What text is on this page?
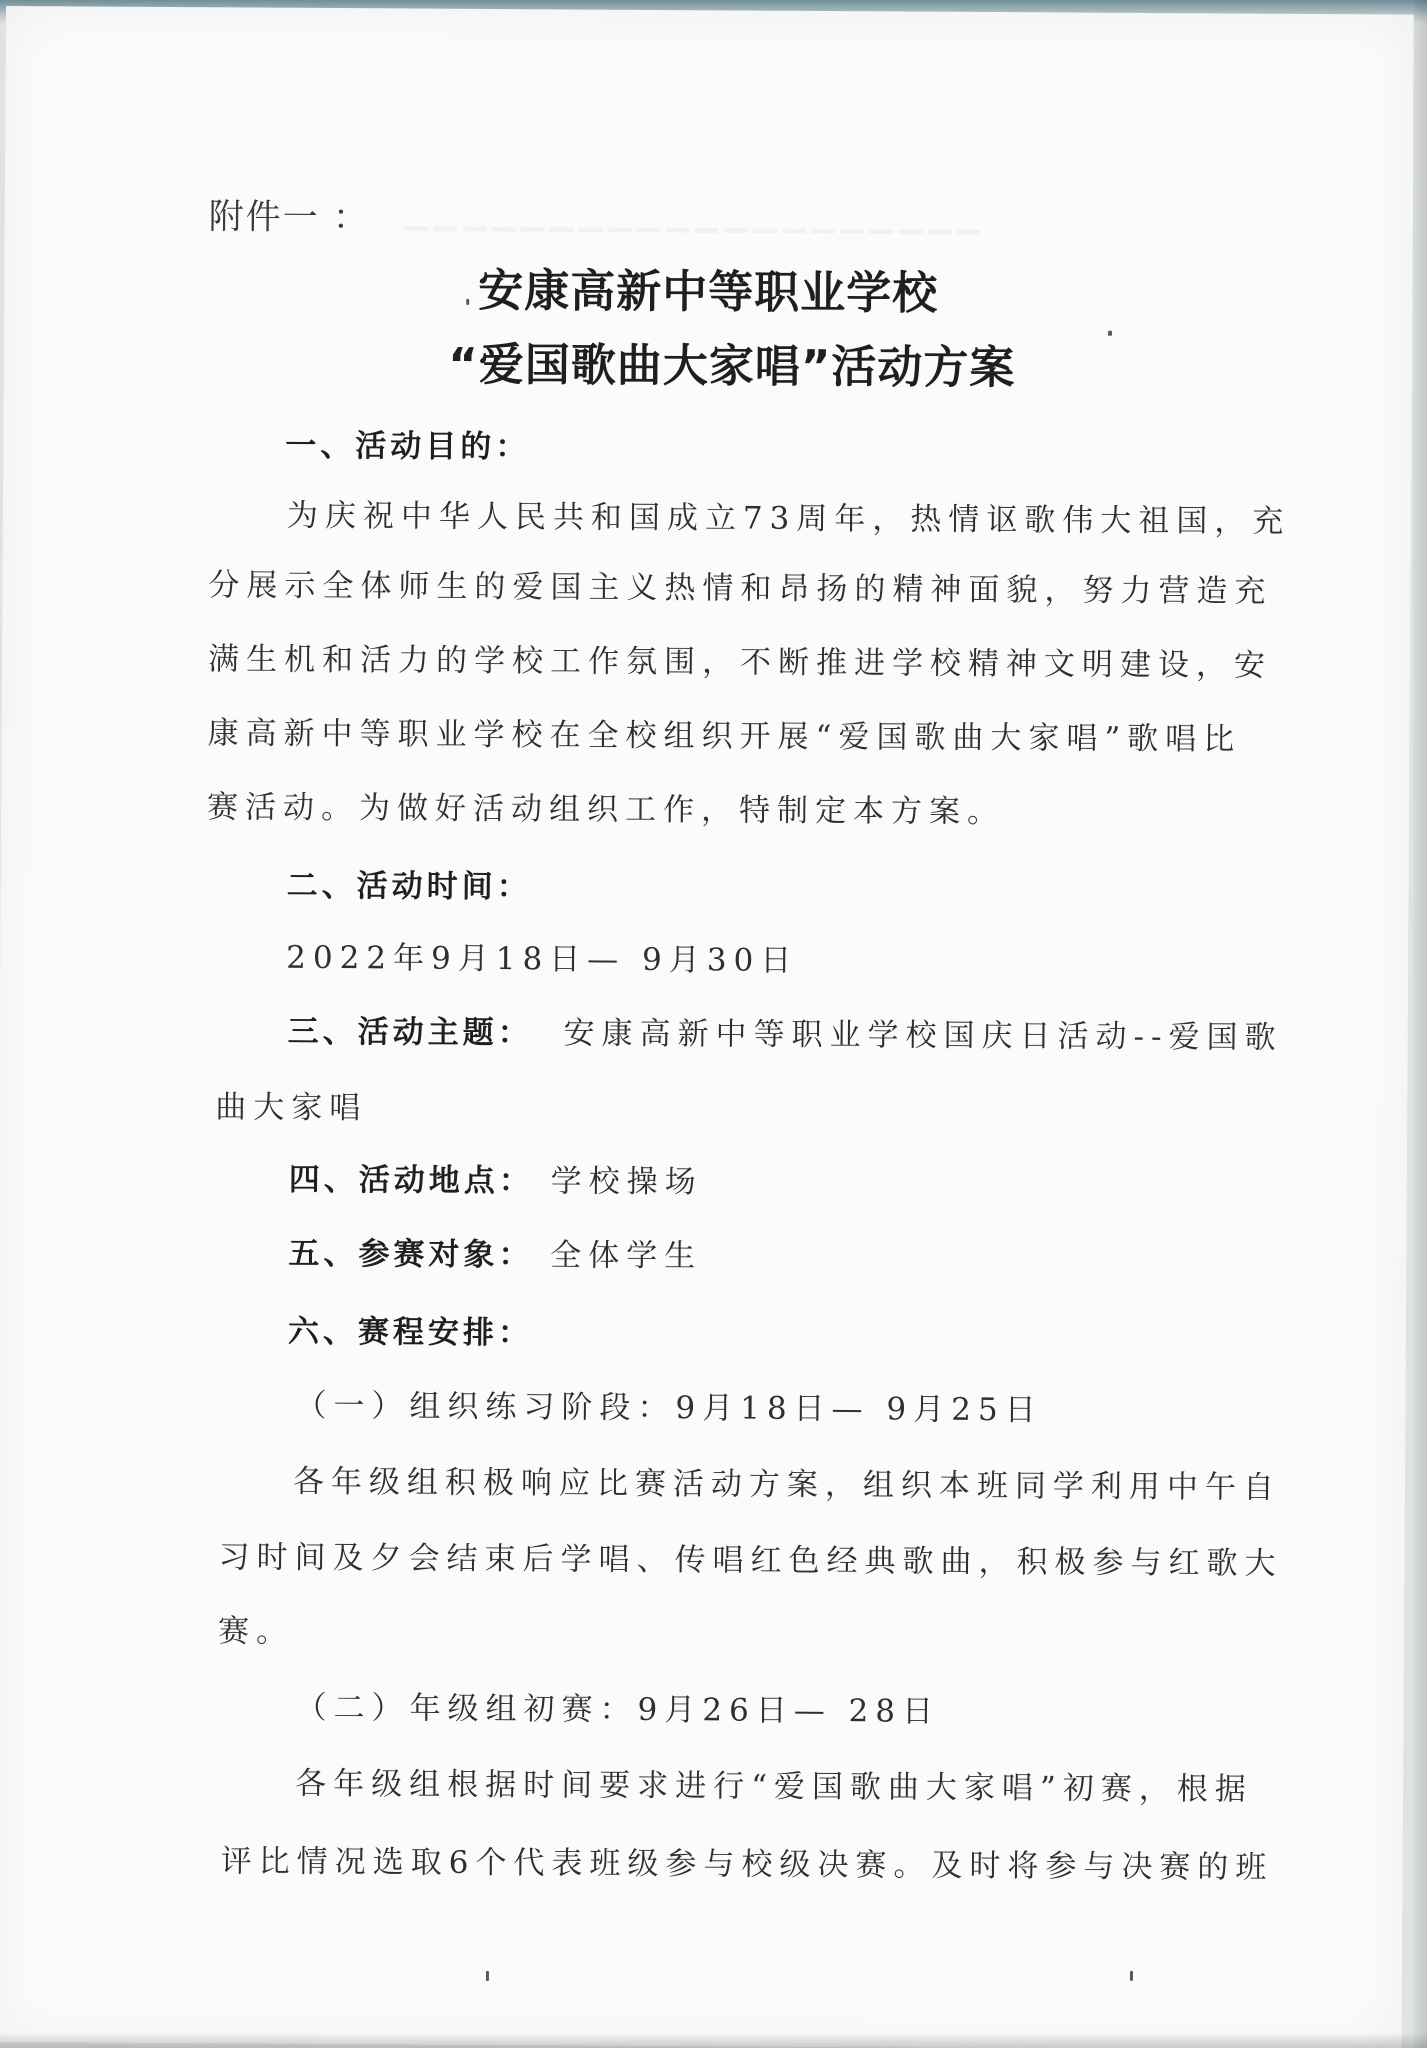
▁▁▁▁▁▁▁▁▁▁▁▁▁▁▁▁▁▁▁▁
附件一 ：
安康高新中等职业学校
“爱国歌曲大家唱”活动方案
一、活动目的：
为庆祝中华人民共和国成立73周年，热情讴歌伟大祖国，充
分展示全体师生的爱国主义热情和昂扬的精神面貌，努力营造充
满生机和活力的学校工作氛围，不断推进学校精神文明建设，安
康高新中等职业学校在全校组织开展“爱国歌曲大家唱”歌唱比
赛活动。为做好活动组织工作，特制定本方案。
二、活动时间：
2022年9月18日— 9月30日
三、活动主题： 安康高新中等职业学校国庆日活动--爱国歌
曲大家唱
四、活动地点： 学校操场
五、参赛对象： 全体学生
六、赛程安排：
（一）组织练习阶段：9月18日— 9月25日
各年级组积极响应比赛活动方案，组织本班同学利用中午自
习时间及夕会结束后学唱、传唱红色经典歌曲，积极参与红歌大
赛。
（二）年级组初赛：9月26日— 28日
各年级组根据时间要求进行“爱国歌曲大家唱”初赛，根据
评比情况选取6个代表班级参与校级决赛。及时将参与决赛的班
